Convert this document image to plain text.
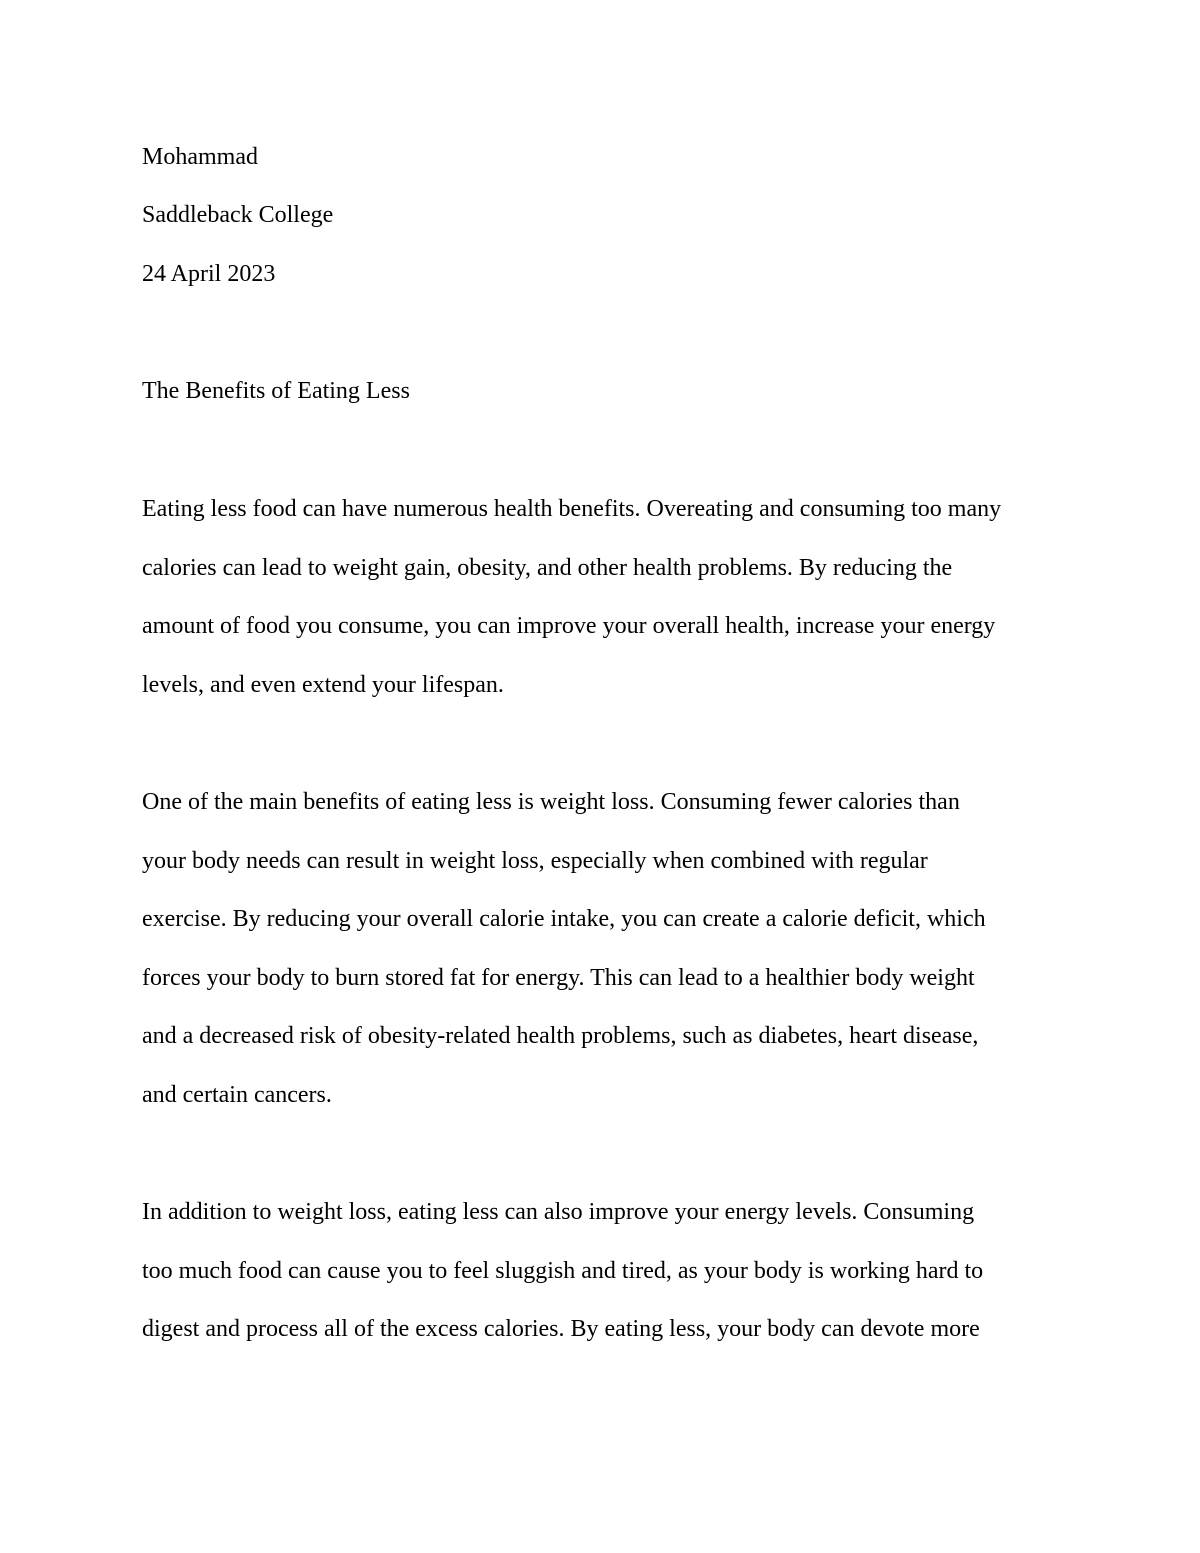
Mohammad

Saddleback College

24 April 2023

The Benefits of Eating Less

Eating less food can have numerous health benefits. Overeating and consuming too many

calories can lead to weight gain, obesity, and other health problems. By reducing the

amount of food you consume, you can improve your overall health, increase your energy

levels, and even extend your lifespan.

One of the main benefits of eating less is weight loss. Consuming fewer calories than

your body needs can result in weight loss, especially when combined with regular

exercise. By reducing your overall calorie intake, you can create a calorie deficit, which

forces your body to burn stored fat for energy. This can lead to a healthier body weight

and a decreased risk of obesity-related health problems, such as diabetes, heart disease,

and certain cancers.

In addition to weight loss, eating less can also improve your energy levels. Consuming

too much food can cause you to feel sluggish and tired, as your body is working hard to

digest and process all of the excess calories. By eating less, your body can devote more
